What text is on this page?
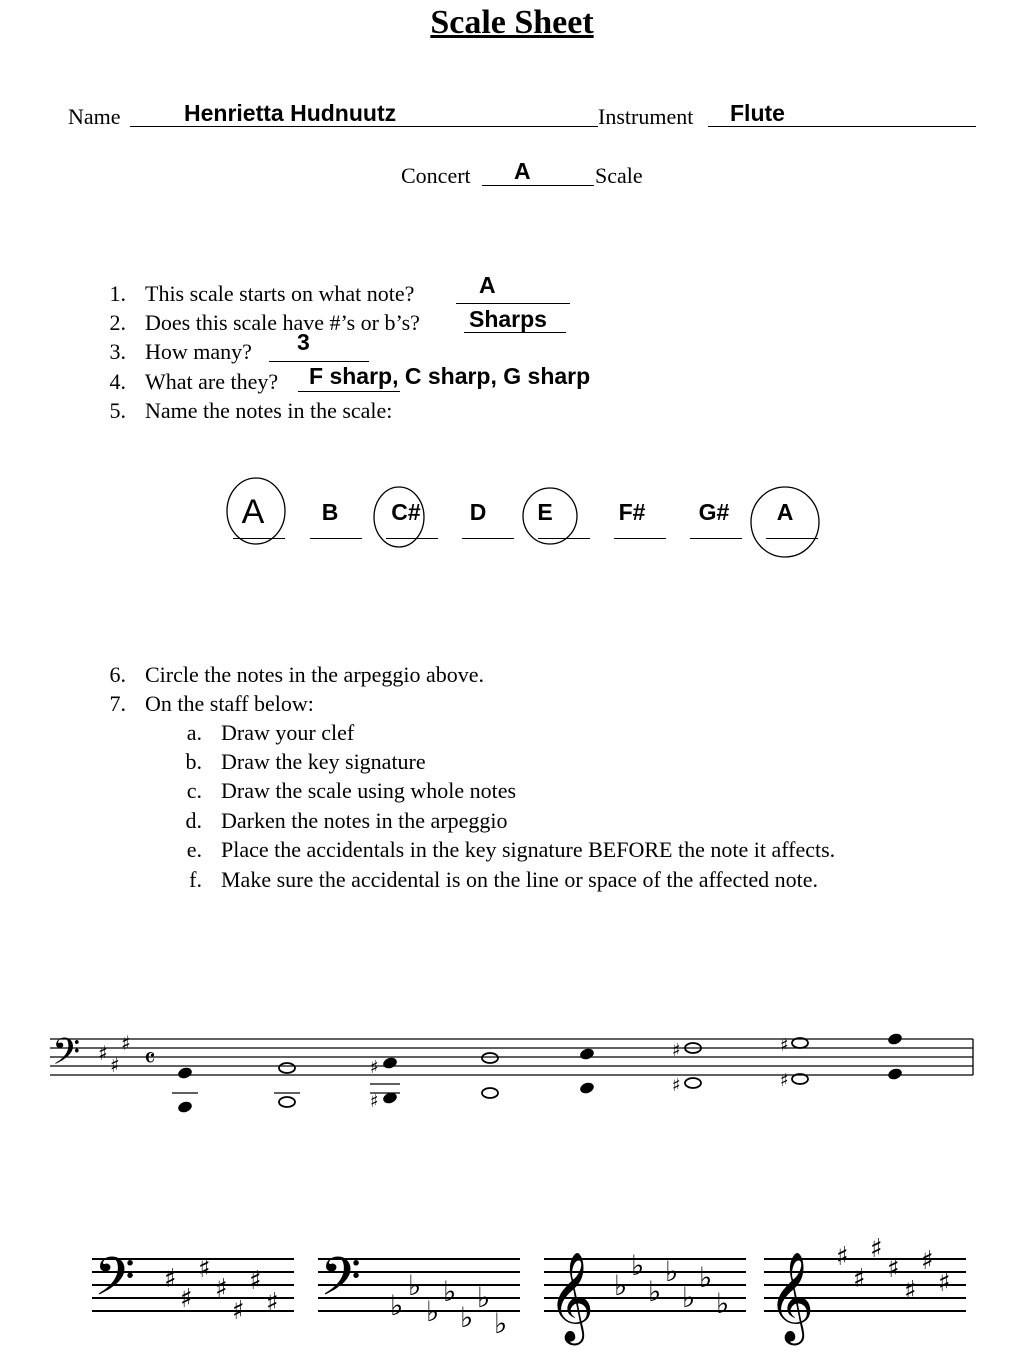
Scale Sheet
Name	Henrietta Hudnuutz	Instrument Flute
Concert A	Scale
1. This scale starts on what note?	A
2. Does this scale have #’s or b’s? Sharps
3. How many? 3
4. What are they? F sharp, C sharp, G sharp
5. Name the notes in the scale:
A	B	C#	D	E	F#	G#	A
6. Circle the notes in the arpeggio above.
7. On the staff below:
a. Draw your clef
b. Draw the key signature
c. Draw the scale using whole notes
d. Darken the notes in the arpeggio
e. Place the accidentals in the key signature BEFORE the note it affects.
f. Make sure the accidental is on the line or space of the affected note.
𝄢 ♯ ♯
♯
𝄴	♯
♯	♯
♯
♯	♯
𝄢 ♯
♯
♯
♯
♯
♯
♯ 𝄢 ♭
♭
♭
♭
♭
♭
♭ 𝄞 ♭
♭
♭
♭
♭
♭
♭ 𝄞 ♯
♯
♯
♯
♯
♯
♯
